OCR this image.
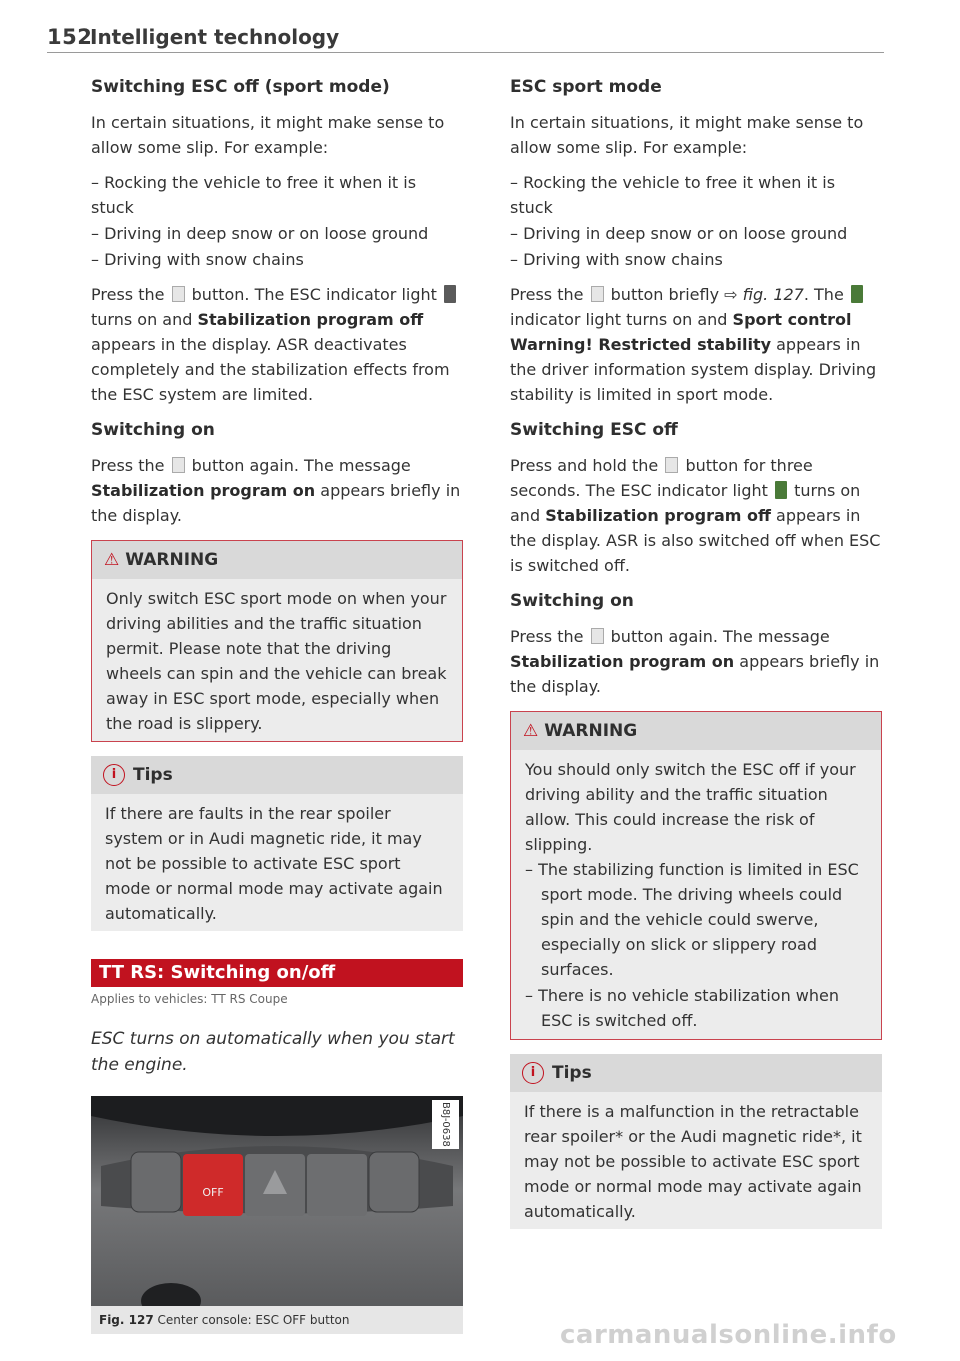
152
Intelligent technology
Switching ESC off (sport mode)

In certain situations, it might make sense to allow some slip. For example:

– Rocking the vehicle to free it when it is stuck
– Driving in deep snow or on loose ground
– Driving with snow chains

Press the button. The ESC indicator light  turns on and Stabilization program off appears in the display. ASR deactivates completely and the stabilization effects from the ESC system are limited.

Switching on

Press the button again. The message Stabilization program on appears briefly in the display.

⚠ WARNING

Only switch ESC sport mode on when your driving abilities and the traffic situation permit. Please note that the driving wheels can spin and the vehicle can break away in ESC sport mode, especially when the road is slippery.

i Tips

If there are faults in the rear spoiler system or in Audi magnetic ride, it may not be possible to activate ESC sport mode or normal mode may activate again automatically.

TT RS: Switching on/off
Applies to vehicles: TT RS Coupe
ESC turns on automatically when you start the engine.
OFF
B8J-0638
Fig. 127 Center console: ESC OFF button
ESC sport mode

In certain situations, it might make sense to allow some slip. For example:

– Rocking the vehicle to free it when it is stuck
– Driving in deep snow or on loose ground
– Driving with snow chains

Press the button briefly ⇨ fig. 127. The  indicator light turns on and Sport control Warning! Restricted stability appears in the driver information system display. Driving stability is limited in sport mode.

Switching ESC off

Press and hold the button for three seconds. The ESC indicator light turns on and Stabilization program off appears in the display. ASR is also switched off when ESC is switched off.

Switching on

Press the button again. The message Stabilization program on appears briefly in the display.

⚠ WARNING

You should only switch the ESC off if your driving ability and the traffic situation allow. This could increase the risk of slipping.

– The stabilizing function is limited in ESC sport mode. The driving wheels could spin and the vehicle could swerve, especially on slick or slippery road surfaces.
– There is no vehicle stabilization when ESC is switched off.
i Tips

If there is a malfunction in the retractable rear spoiler* or the Audi magnetic ride*, it may not be possible to activate ESC sport mode or normal mode may activate again automatically.

carmanualsonline.info
